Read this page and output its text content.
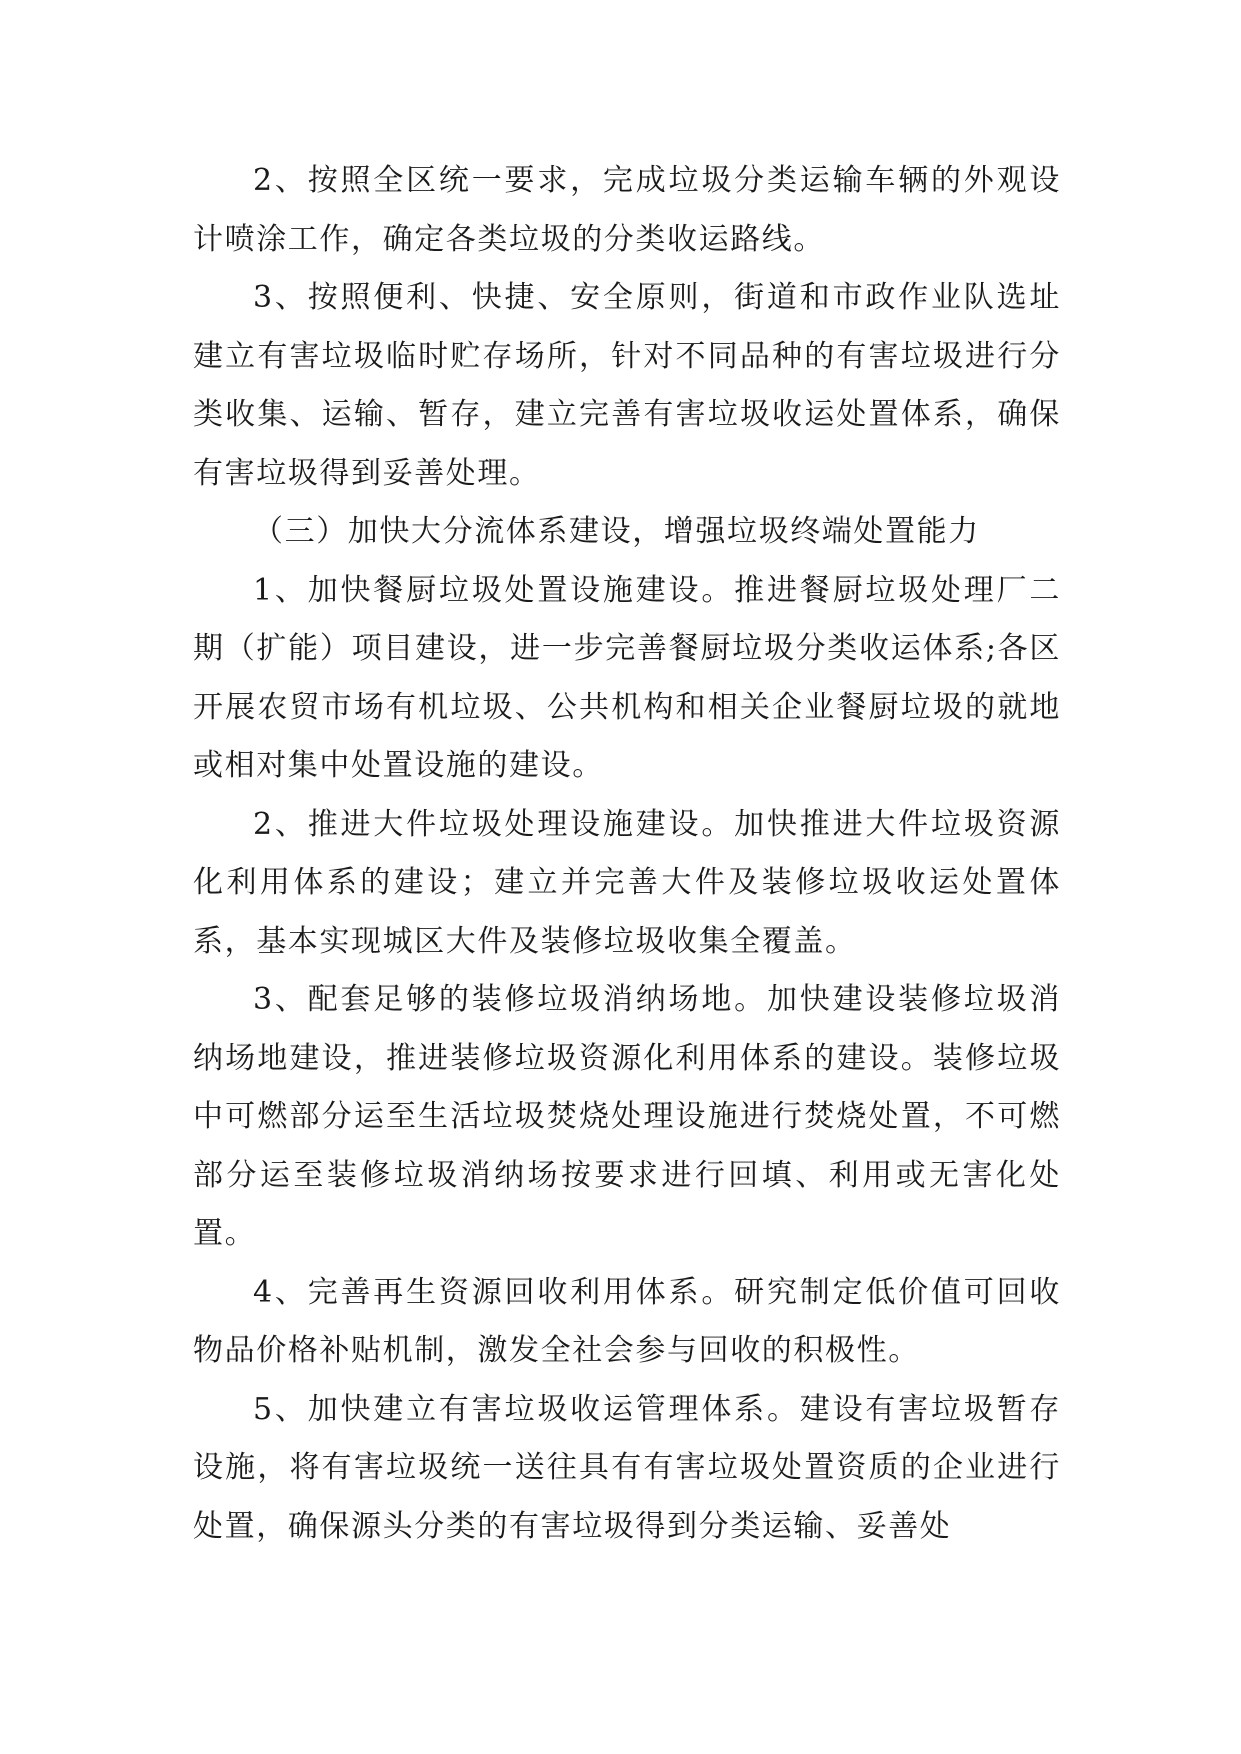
2、按照全区统一要求，完成垃圾分类运输车辆的外观设计喷涂工作，确定各类垃圾的分类收运路线。

3、按照便利、快捷、安全原则，街道和市政作业队选址建立有害垃圾临时贮存场所，针对不同品种的有害垃圾进行分类收集、运输、暂存，建立完善有害垃圾收运处置体系，确保有害垃圾得到妥善处理。

（三）加快大分流体系建设，增强垃圾终端处置能力

1、加快餐厨垃圾处置设施建设。推进餐厨垃圾处理厂二期（扩能）项目建设，进一步完善餐厨垃圾分类收运体系;各区开展农贸市场有机垃圾、公共机构和相关企业餐厨垃圾的就地或相对集中处置设施的建设。

2、推进大件垃圾处理设施建设。加快推进大件垃圾资源化利用体系的建设；建立并完善大件及装修垃圾收运处置体系，基本实现城区大件及装修垃圾收集全覆盖。

3、配套足够的装修垃圾消纳场地。加快建设装修垃圾消纳场地建设，推进装修垃圾资源化利用体系的建设。装修垃圾中可燃部分运至生活垃圾焚烧处理设施进行焚烧处置，不可燃部分运至装修垃圾消纳场按要求进行回填、利用或无害化处置。

4、完善再生资源回收利用体系。研究制定低价值可回收物品价格补贴机制，激发全社会参与回收的积极性。

5、加快建立有害垃圾收运管理体系。建设有害垃圾暂存设施，将有害垃圾统一送往具有有害垃圾处置资质的企业进行处置，确保源头分类的有害垃圾得到分类运输、妥善处
